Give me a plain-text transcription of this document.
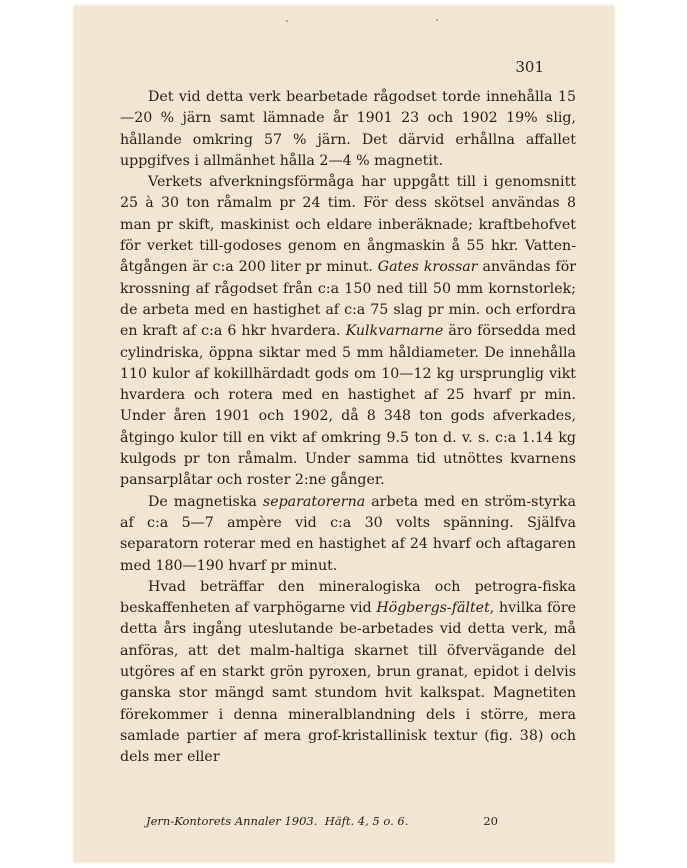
301

Det vid detta verk bearbetade rågodset torde innehålla 15—20 % järn samt lämnade år 1901 23 och 1902 19% slig, hållande omkring 57 % järn. Det därvid erhållna affallet uppgifves i allmänhet hålla 2—4 % magnetit.

Verkets afverkningsförmåga har uppgått till i genomsnitt 25 à 30 ton råmalm pr 24 tim. För dess skötsel användas 8 man pr skift, maskinist och eldare inberäknade; kraftbehofvet för verket till-godoses genom en ångmaskin å 55 hkr. Vatten-åtgången är c:a 200 liter pr minut. Gates krossar användas för krossning af rågodset från c:a 150 ned till 50 mm kornstorlek; de arbeta med en hastighet af c:a 75 slag pr min. och erfordra en kraft af c:a 6 hkr hvardera. Kulkvarnarne äro försedda med cylindriska, öppna siktar med 5 mm håldiameter. De innehålla 110 kulor af kokillhärdadt gods om 10—12 kg ursprunglig vikt hvardera och rotera med en hastighet af 25 hvarf pr min. Under åren 1901 och 1902, då 8 348 ton gods afverkades, åtgingo kulor till en vikt af omkring 9.5 ton d. v. s. c:a 1.14 kg kulgods pr ton råmalm. Under samma tid utnöttes kvarnens pansarplåtar och roster 2:ne gånger.

De magnetiska separatorerna arbeta med en ström-styrka af c:a 5—7 ampère vid c:a 30 volts spänning. Själfva separatorn roterar med en hastighet af 24 hvarf och aftagaren med 180—190 hvarf pr minut.

Hvad beträffar den mineralogiska och petrogra-fiska beskaffenheten af varphögarne vid Högbergs-fältet, hvilka före detta års ingång uteslutande be-arbetades vid detta verk, må anföras, att det malm-haltiga skarnet till öfvervägande del utgöres af en starkt grön pyroxen, brun granat, epidot i delvis ganska stor mängd samt stundom hvit kalkspat. Magnetiten förekommer i denna mineralblandning dels i större, mera samlade partier af mera grof-kristallinisk textur (fig. 38) och dels mer eller

Jern-Kontorets Annaler 1903. Häft. 4, 5 o. 6.	20
